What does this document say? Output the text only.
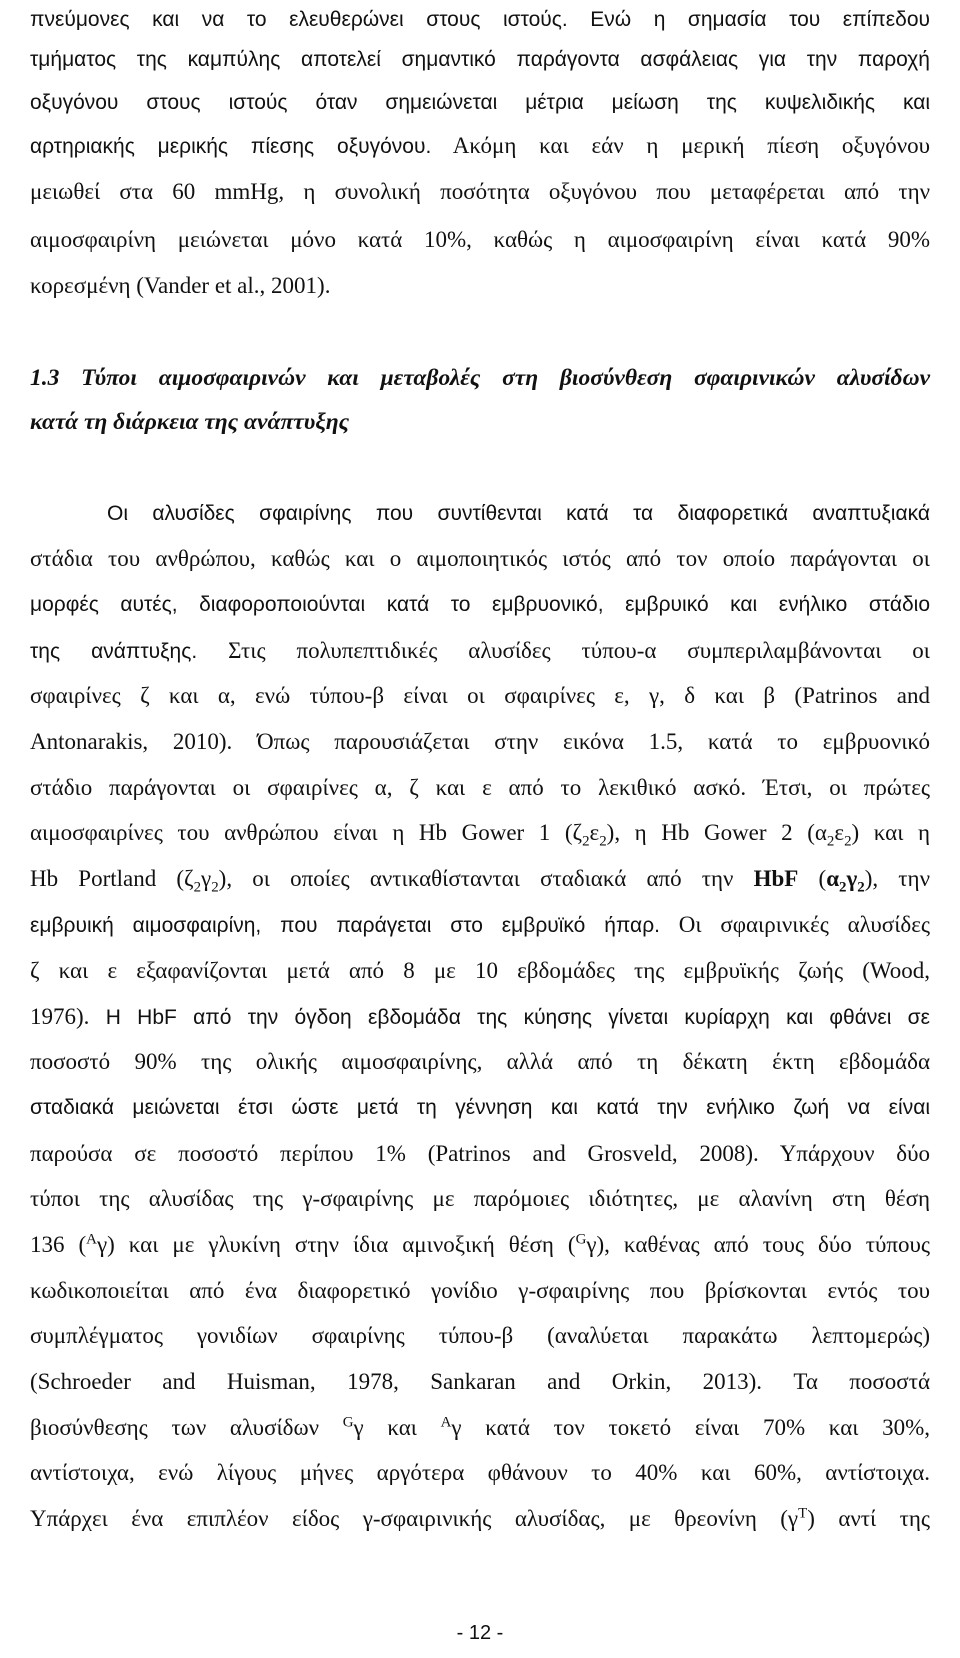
πνεύμονες και να το ελευθερώνει στους ιστούς. Ενώ η σημασία του επίπεδου
τμήματος της καμπύλης αποτελεί σημαντικό παράγοντα ασφάλειας για την παροχή
οξυγόνου στους ιστούς όταν σημειώνεται μέτρια μείωση της κυψελιδικής και
αρτηριακής μερικής πίεσης οξυγόνου. Ακόμη και εάν η μερική πίεση οξυγόνου
μειωθεί στα 60 mmHg, η συνολική ποσότητα οξυγόνου που μεταφέρεται από την
αιμοσφαιρίνη μειώνεται μόνο κατά 10%, καθώς η αιμοσφαιρίνη είναι κατά 90%
κορεσμένη (Vander et al., 2001).
1.3 Τύποι αιμοσφαιρινών και μεταβολές στη βιοσύνθεση σφαιρινικών αλυσίδων
κατά τη διάρκεια της ανάπτυξης
Οι αλυσίδες σφαιρίνης που συντίθενται κατά τα διαφορετικά αναπτυξιακά
στάδια του ανθρώπου, καθώς και ο αιμοποιητικός ιστός από τον οποίο παράγονται οι
μορφές αυτές, διαφοροποιούνται κατά το εμβρυονικό, εμβρυικό και ενήλικο στάδιο
της ανάπτυξης. Στις πολυπεπτιδικές αλυσίδες τύπου-α συμπεριλαμβάνονται οι
σφαιρίνες ζ και α, ενώ τύπου-β είναι οι σφαιρίνες ε, γ, δ και β (Patrinos and
Antonarakis, 2010). Όπως παρουσιάζεται στην εικόνα 1.5, κατά το εμβρυονικό
στάδιο παράγονται οι σφαιρίνες α, ζ και ε από το λεκιθικό ασκό. Έτσι, οι πρώτες
αιμοσφαιρίνες του ανθρώπου είναι η Hb Gower 1 $(\zeta_2\varepsilon_2)$, η Hb Gower 2 $(\alpha_2\varepsilon_2)$ και η
Hb Portland $(\zeta_2\gamma_2)$, οι οποίες αντικαθίστανται σταδιακά από την HbF $(\alpha_2\gamma_2)$, την
εμβρυική αιμοσφαιρίνη, που παράγεται στο εμβρυϊκό ήπαρ. Οι σφαιρινικές αλυσίδες
ζ και ε εξαφανίζονται μετά από 8 με 10 εβδομάδες της εμβρυϊκής ζωής (Wood,
1976). Η HbF από την όγδοη εβδομάδα της κύησης γίνεται κυρίαρχη και φθάνει σε
ποσοστό 90% της ολικής αιμοσφαιρίνης, αλλά από τη δέκατη έκτη εβδομάδα
σταδιακά μειώνεται έτσι ώστε μετά τη γέννηση και κατά την ενήλικο ζωή να είναι
παρούσα σε ποσοστό περίπου 1% (Patrinos and Grosveld, 2008). Υπάρχουν δύο
τύποι της αλυσίδας της γ-σφαιρίνης με παρόμοιες ιδιότητες, με αλανίνη στη θέση
136 ($^A$γ) και με γλυκίνη στην ίδια αμινοξική θέση ($^G$γ), καθένας από τους δύο τύπους
κωδικοποιείται από ένα διαφορετικό γονίδιο γ-σφαιρίνης που βρίσκονται εντός του
συμπλέγματος γονιδίων σφαιρίνης τύπου-β (αναλύεται παρακάτω λεπτομερώς)
(Schroeder and Huisman, 1978, Sankaran and Orkin, 2013). Τα ποσοστά
βιοσύνθεσης των αλυσίδων $^G$γ και $^A$γ κατά τον τοκετό είναι 70% και 30%,
αντίστοιχα, ενώ λίγους μήνες αργότερα φθάνουν το 40% και 60%, αντίστοιχα.
Υπάρχει ένα επιπλέον είδος γ-σφαιρινικής αλυσίδας, με θρεονίνη $(\gamma^T)$ αντί της
- 12 -
